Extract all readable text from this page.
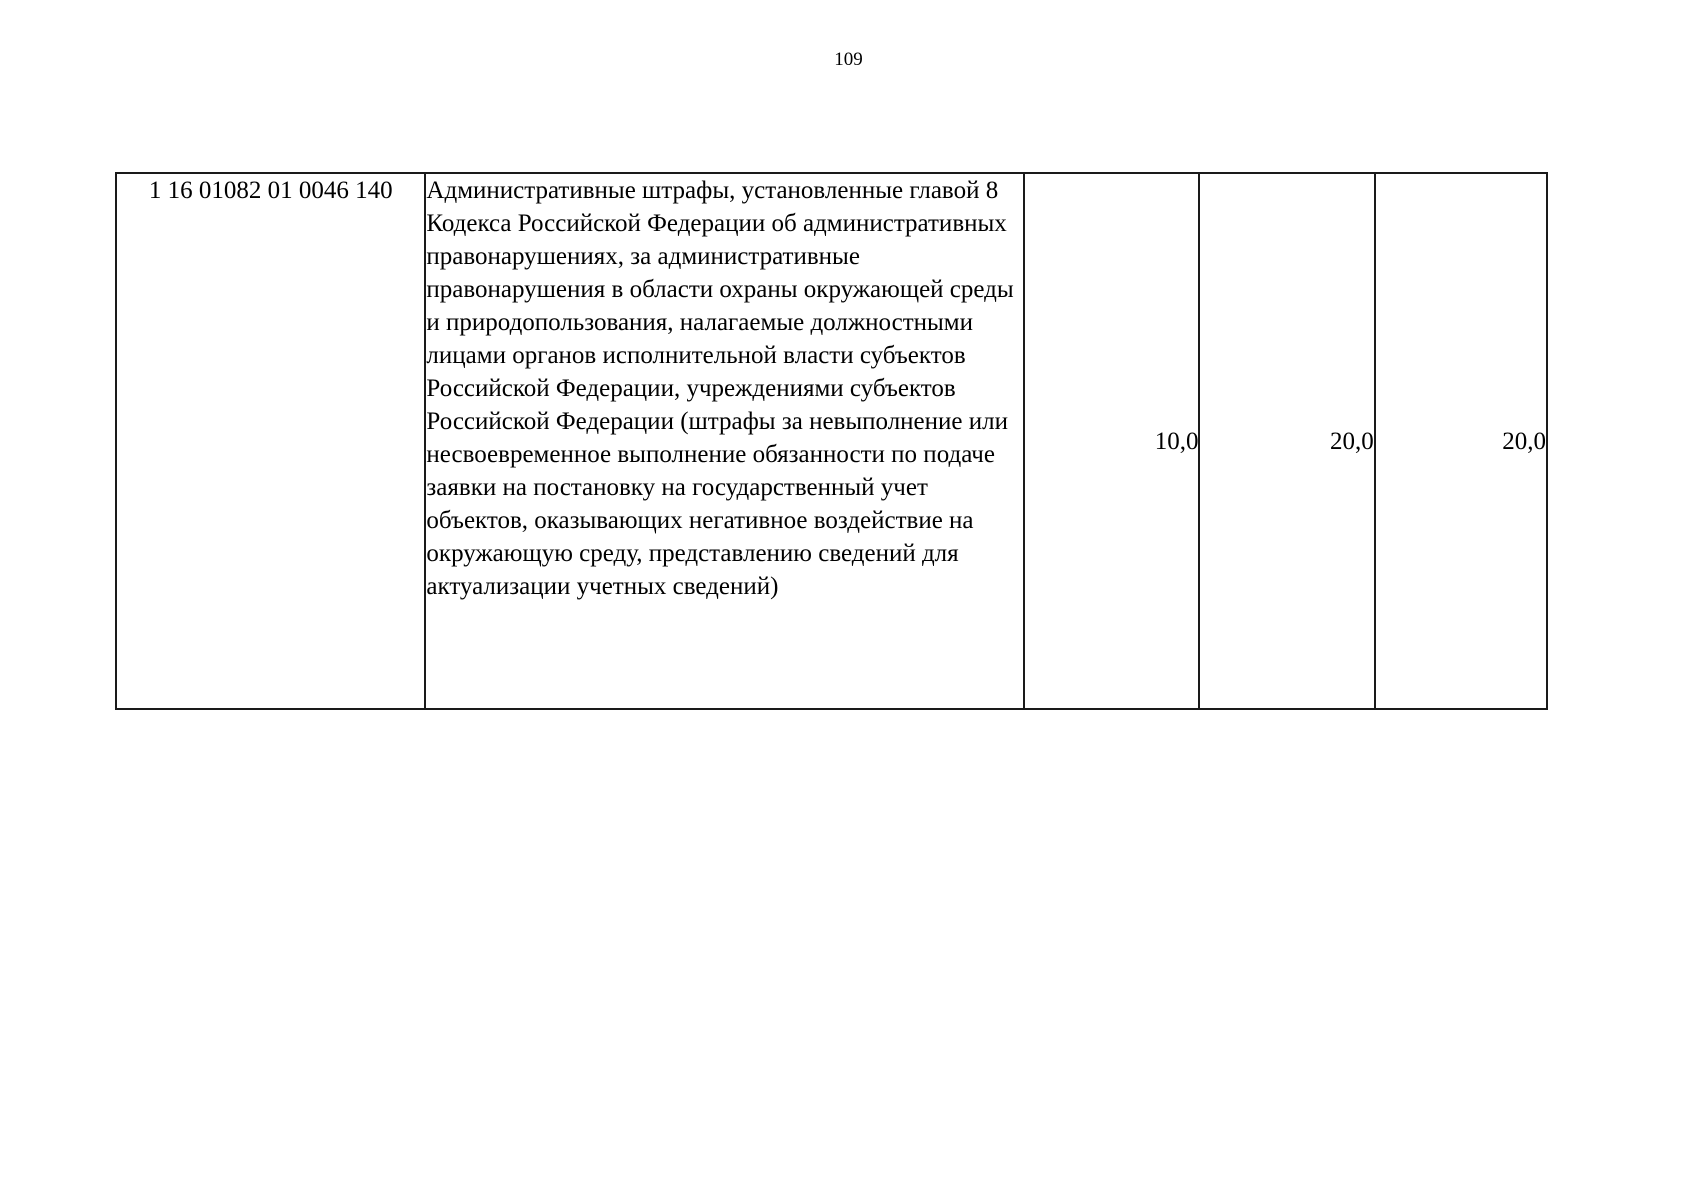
109
1 16 01082 01 0046 140	Административные штрафы, установленные главой 8 Кодекса Российской Федерации об административных правонарушениях, за административные правонарушения в области охраны окружающей среды и природопользования, налагаемые должностными лицами органов исполнительной власти субъектов Российской Федерации, учреждениями субъектов Российской Федерации (штрафы за невыполнение или несвоевременное выполнение обязанности по подаче заявки на постановку на государственный учет объектов, оказывающих негативное воздействие на окружающую среду, представлению сведений для актуализации учетных сведений)	10,0	20,0	20,0
